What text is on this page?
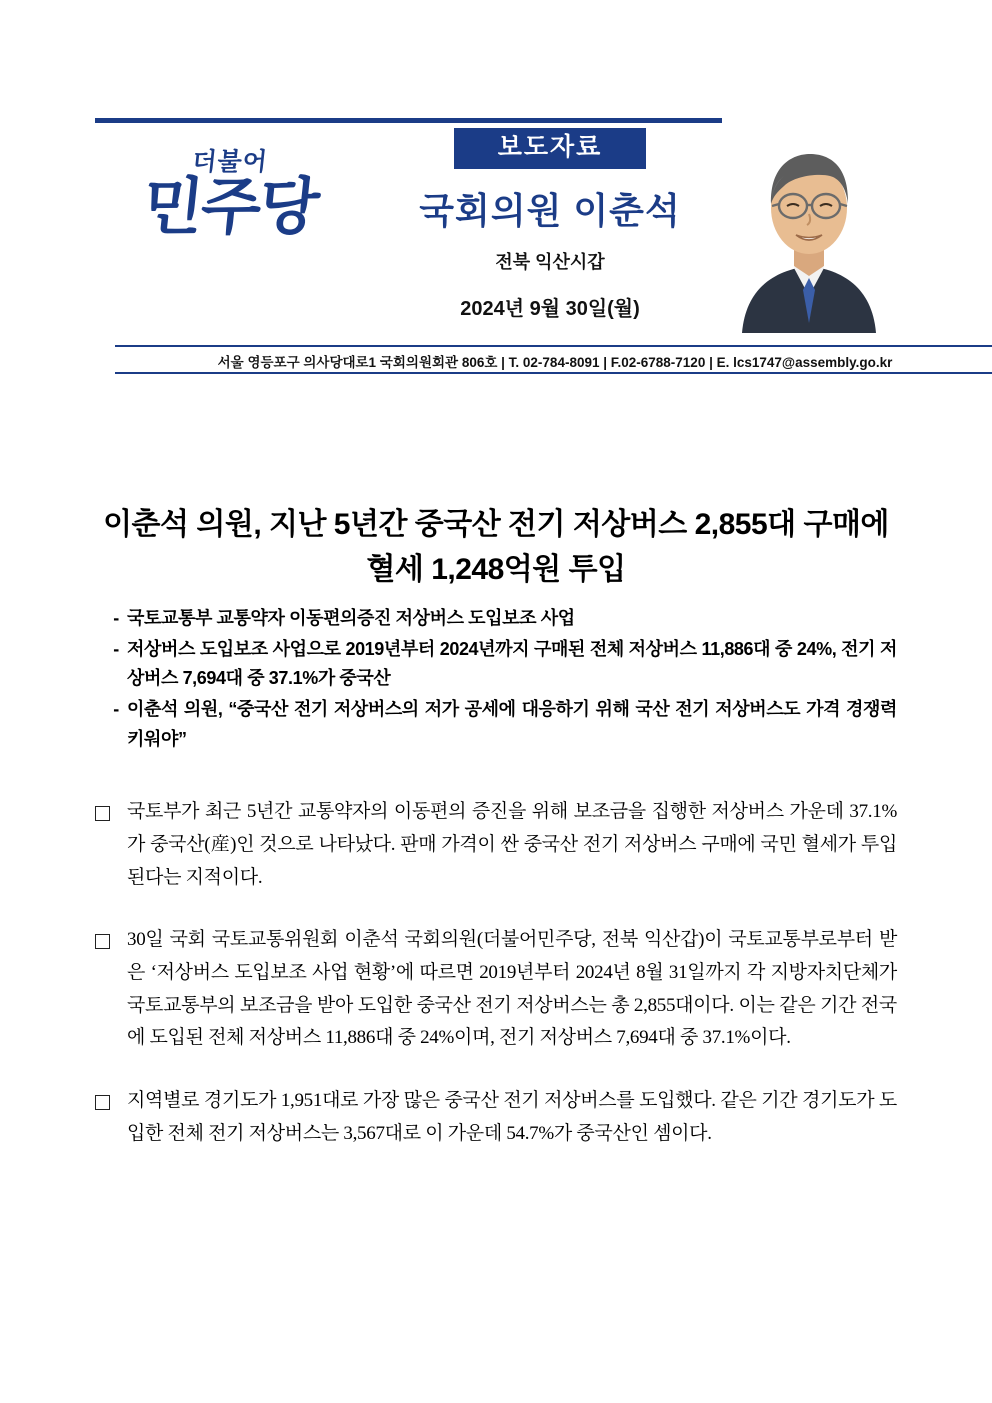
더불어
민주당
보도자료
국회의원 이춘석
전북 익산시갑
2024년 9월 30일(월)
서울 영등포구 의사당대로1 국회의원회관 806호 | T. 02-784-8091 | F.02-6788-7120 | E. lcs1747@assembly.go.kr
이춘석 의원, 지난 5년간 중국산 전기 저상버스 2,855대 구매에 혈세 1,248억원 투입
- 국토교통부 교통약자 이동편의증진 저상버스 도입보조 사업
- 저상버스 도입보조 사업으로 2019년부터 2024년까지 구매된 전체 저상버스 11,886대 중 24%, 전기 저상버스 7,694대 중 37.1%가 중국산
- 이춘석 의원, “중국산 전기 저상버스의 저가 공세에 대응하기 위해 국산 전기 저상버스도 가격 경쟁력 키워야”
국토부가 최근 5년간 교통약자의 이동편의 증진을 위해 보조금을 집행한 저상버스 가운데 37.1%가 중국산(産)인 것으로 나타났다. 판매 가격이 싼 중국산 전기 저상버스 구매에 국민 혈세가 투입된다는 지적이다.
30일 국회 국토교통위원회 이춘석 국회의원(더불어민주당, 전북 익산갑)이 국토교통부로부터 받은 ‘저상버스 도입보조 사업 현황’에 따르면 2019년부터 2024년 8월 31일까지 각 지방자치단체가 국토교통부의 보조금을 받아 도입한 중국산 전기 저상버스는 총 2,855대이다. 이는 같은 기간 전국에 도입된 전체 저상버스 11,886대 중 24%이며, 전기 저상버스 7,694대 중 37.1%이다.
지역별로 경기도가 1,951대로 가장 많은 중국산 전기 저상버스를 도입했다. 같은 기간 경기도가 도입한 전체 전기 저상버스는 3,567대로 이 가운데 54.7%가 중국산인 셈이다.
